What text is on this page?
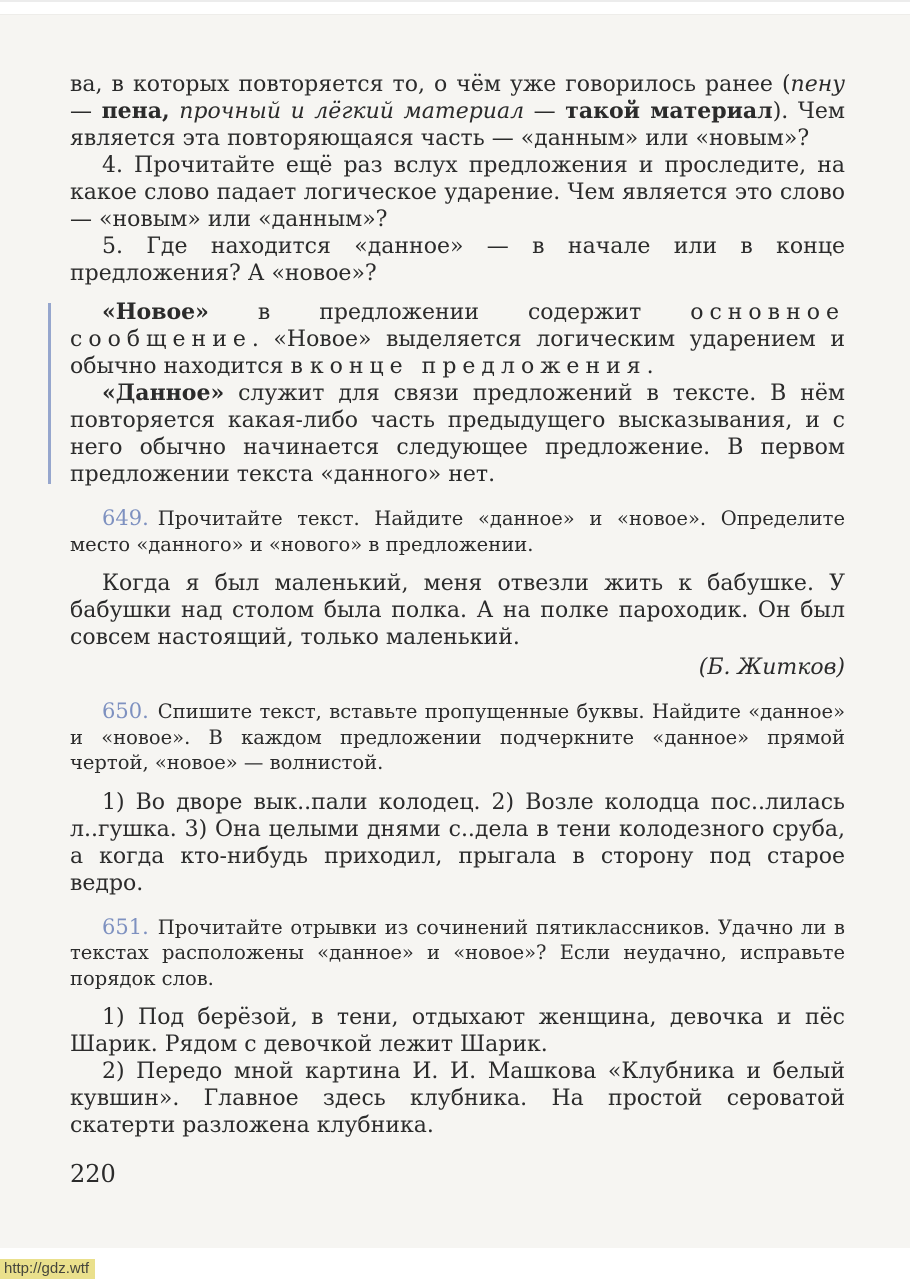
ва, в которых повторяется то, о чём уже говорилось ранее (пену — пена, прочный и лёгкий материал — такой материал). Чем является эта повторяющаяся часть — «данным» или «новым»?

4. Прочитайте ещё раз вслух предложения и проследите, на какое слово падает логическое ударение. Чем является это слово — «новым» или «данным»?

5. Где находится «данное» — в начале или в конце предложения? А «новое»?

«Новое» в предложении содержит основное сообщение. «Новое» выделяется логическим ударением и обычно находится в конце предложения.

«Данное» служит для связи предложений в тексте. В нём повторяется какая-либо часть предыдущего высказывания, и с него обычно начинается следующее предложение. В первом предложении текста «данного» нет.

649. Прочитайте текст. Найдите «данное» и «новое». Определите место «данного» и «нового» в предложении.

Когда я был маленький, меня отвезли жить к бабушке. У бабушки над столом была полка. А на полке пароходик. Он был совсем настоящий, только маленький.

(Б. Житков)

650. Спишите текст, вставьте пропущенные буквы. Найдите «данное» и «новое». В каждом предложении подчеркните «данное» прямой чертой, «новое» — волнистой.

1) Во дворе вык..пали колодец. 2) Возле колодца пос..лилась л..гушка. 3) Она целыми днями с..дела в тени колодезного сруба, а когда кто-нибудь приходил, прыгала в сторону под старое ведро.

651. Прочитайте отрывки из сочинений пятиклассников. Удачно ли в текстах расположены «данное» и «новое»? Если неудачно, исправьте порядок слов.

1) Под берёзой, в тени, отдыхают женщина, девочка и пёс Шарик. Рядом с девочкой лежит Шарик.

2) Передо мной картина И. И. Машкова «Клубника и белый кувшин». Главное здесь клубника. На простой сероватой скатерти разложена клубника.

220

http://gdz.wtf
